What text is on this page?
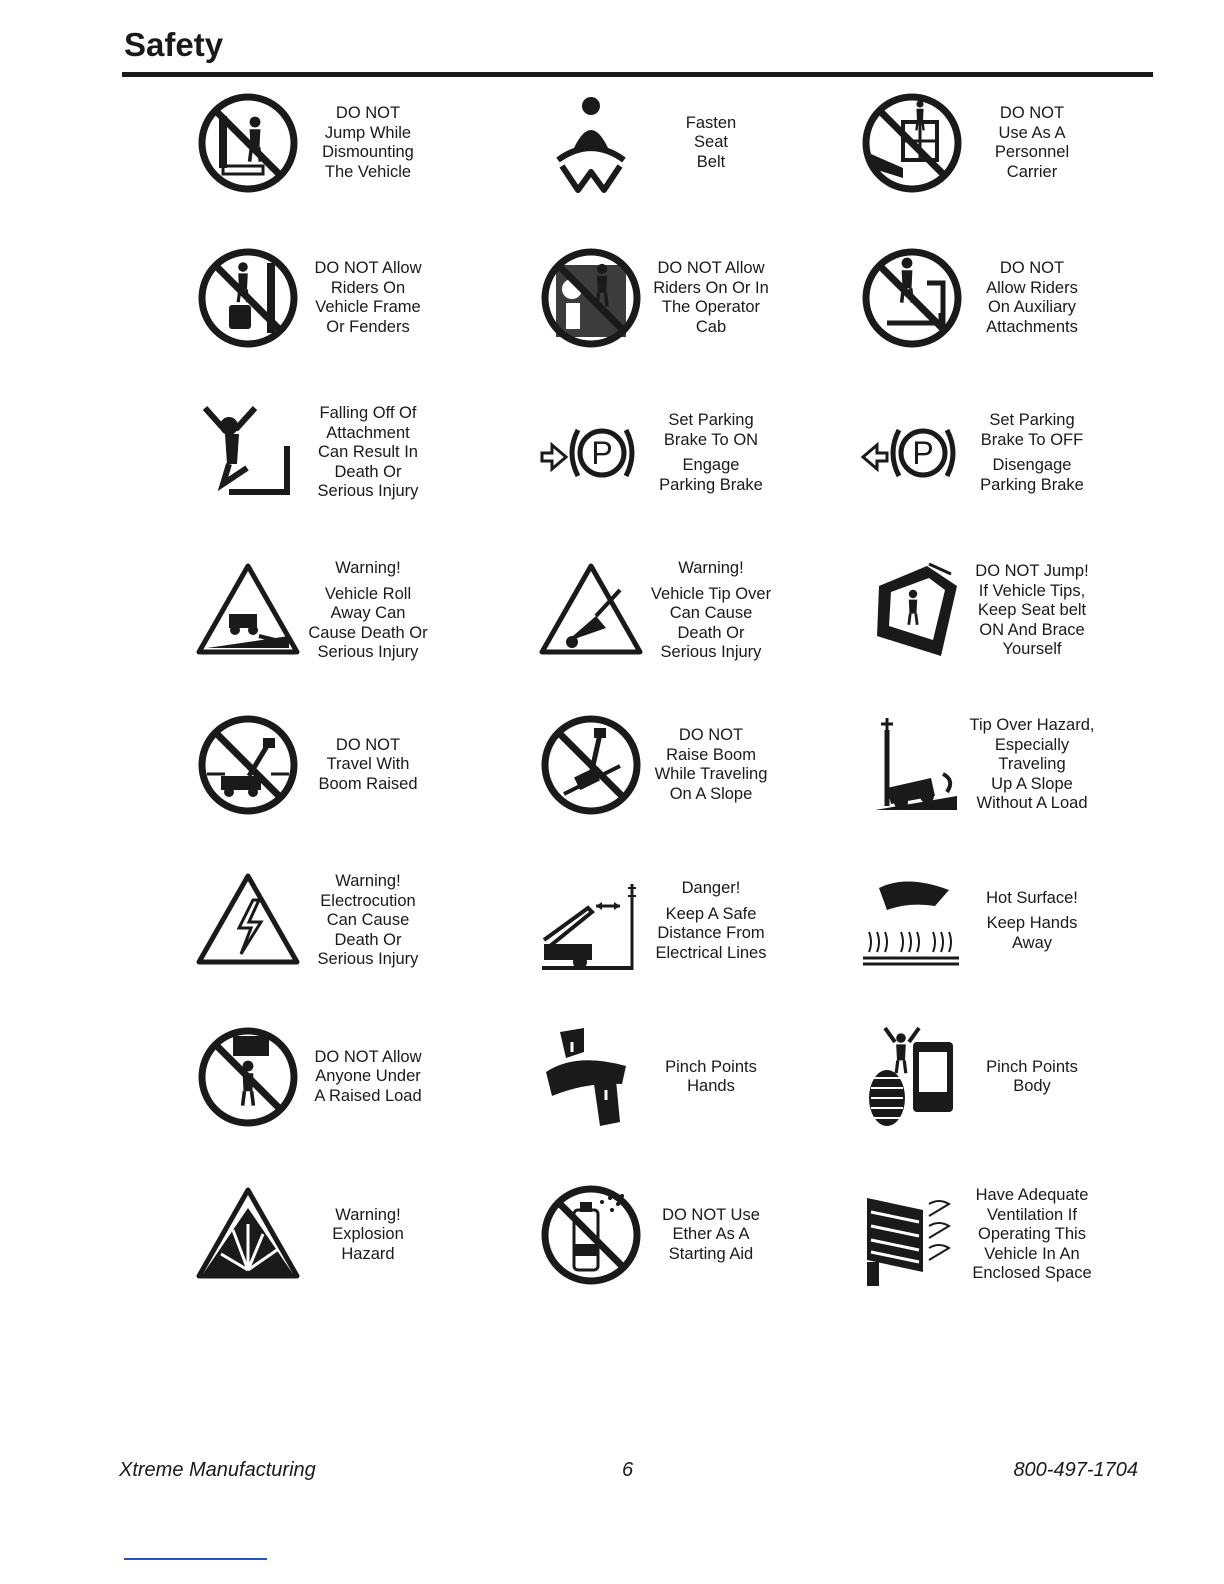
Safety
DO NOT
Jump While
Dismounting
The Vehicle
Fasten
Seat
Belt
DO NOT
Use As A
Personnel
Carrier
DO NOT Allow
Riders On
Vehicle Frame
Or Fenders
DO NOT Allow
Riders On Or In
The Operator
Cab
DO NOT
Allow Riders
On Auxiliary
Attachments
Falling Off Of
Attachment
Can Result In
Death Or
Serious Injury
P
Set Parking
Brake To ON
Engage
Parking Brake
P
Set Parking
Brake To OFF
Disengage
Parking Brake
Warning!
Vehicle Roll
Away Can
Cause Death Or
Serious Injury
Warning!
Vehicle Tip Over
Can Cause
Death Or
Serious Injury
DO NOT Jump!
If Vehicle Tips,
Keep Seat belt
ON And Brace
Yourself
DO NOT
Travel With
Boom Raised
DO NOT
Raise Boom
While Traveling
On A Slope
Tip Over Hazard,
Especially
Traveling
Up A Slope
Without A Load
Warning!
Electrocution
Can Cause
Death Or
Serious Injury
Danger!
Keep A Safe
Distance From
Electrical Lines
Hot Surface!
Keep Hands
Away
DO NOT Allow
Anyone Under
A Raised Load
Pinch Points
Hands
Pinch Points
Body
Warning!
Explosion
Hazard
DO NOT Use
Ether As A
Starting Aid
Have Adequate
Ventilation If
Operating This
Vehicle In An
Enclosed Space
Xtreme Manufacturing	6	800-497-1704
